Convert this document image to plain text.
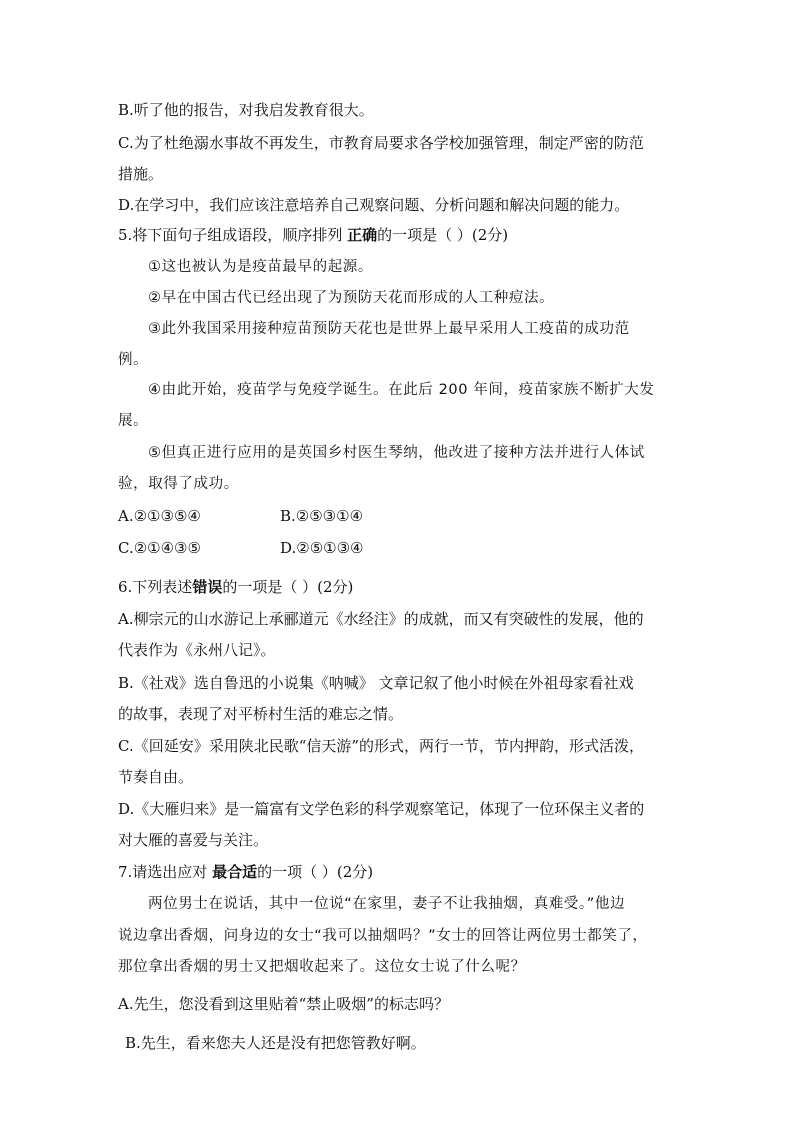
B.听了他的报告，对我启发教育很大。
C.为了杜绝溺水事故不再发生，市教育局要求各学校加强管理，制定严密的防范
措施。
D.在学习中，我们应该注意培养自己观察问题、分析问题和解决问题的能力。
5.将下面句子组成语段，顺序排列 正确的一项是（ ）(2分)
①这也被认为是疫苗最早的起源。
②早在中国古代已经出现了为预防天花而形成的人工种痘法。
③此外我国采用接种痘苗预防天花也是世界上最早采用人工疫苗的成功范
例。
④由此开始，疫苗学与免疫学诞生。在此后 200 年间，疫苗家族不断扩大发
展。
⑤但真正进行应用的是英国乡村医生琴纳，他改进了接种方法并进行人体试
验，取得了成功。
A.②①③⑤④	B.②⑤③①④
C.②①④③⑤	D.②⑤①③④
6.下列表述错误的一项是（ ）(2分)
A.柳宗元的山水游记上承郦道元《水经注》的成就，而又有突破性的发展，他的
代表作为《永州八记》。
B.《社戏》选自鲁迅的小说集《呐喊》 文章记叙了他小时候在外祖母家看社戏
的故事，表现了对平桥村生活的难忘之情。
C.《回延安》采用陕北民歌“信天游”的形式，两行一节，节内押韵，形式活泼，
节奏自由。
D.《大雁归来》是一篇富有文学色彩的科学观察笔记，体现了一位环保主义者的
对大雁的喜爱与关注。
7.请选出应对 最合适的一项（ ）(2分)
两位男士在说话，其中一位说“在家里，妻子不让我抽烟，真难受。”他边
说边拿出香烟，问身边的女士“我可以抽烟吗？”女士的回答让两位男士都笑了，
那位拿出香烟的男士又把烟收起来了。这位女士说了什么呢？
A.先生，您没看到这里贴着“禁止吸烟”的标志吗？
B.先生，看来您夫人还是没有把您管教好啊。
